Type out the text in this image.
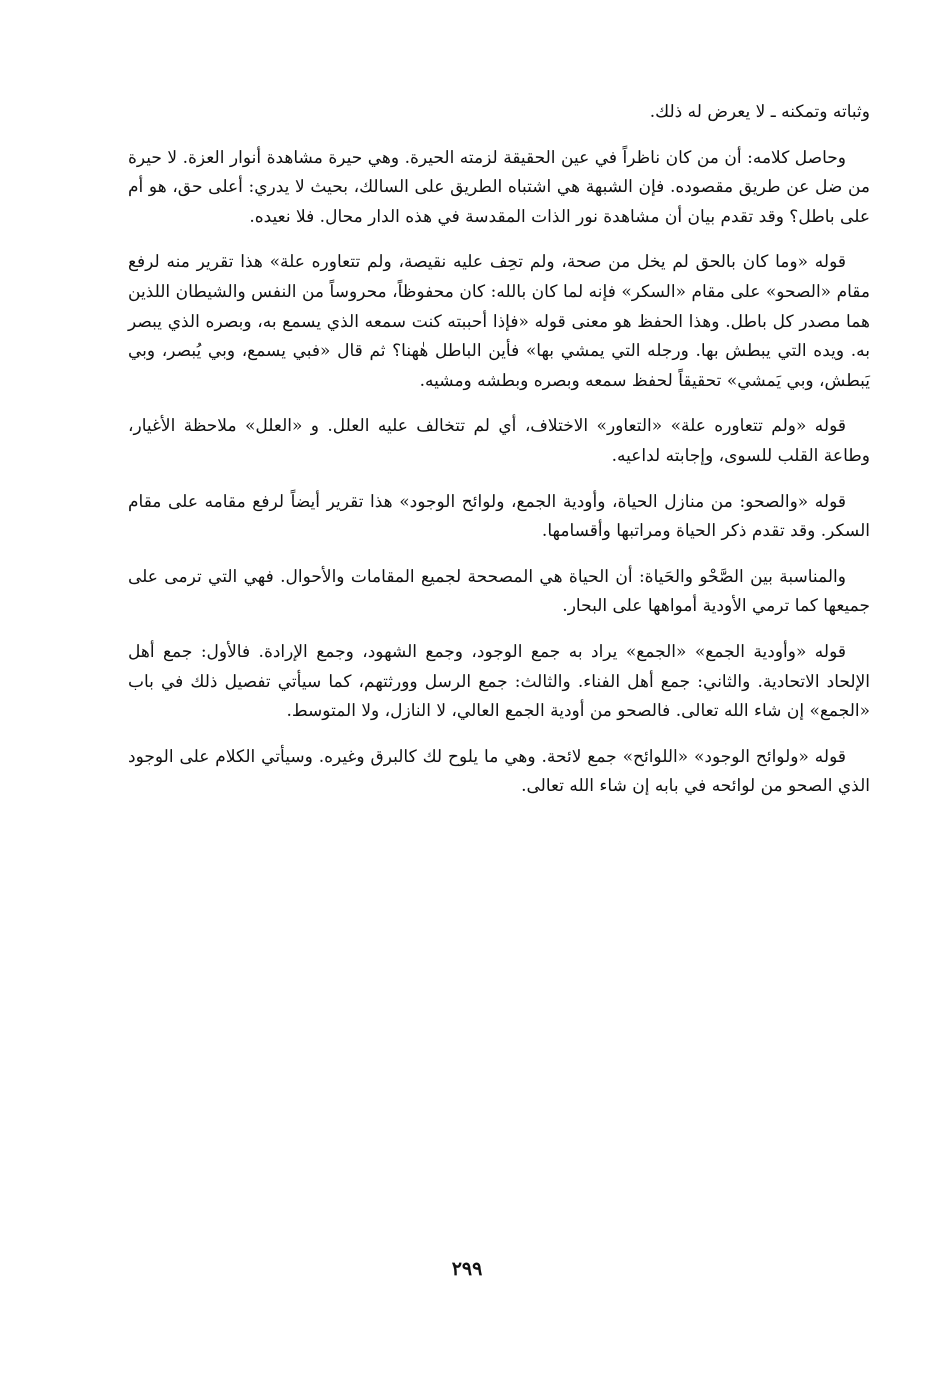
وثباته وتمكنه ـ لا يعرض له ذلك.

وحاصل كلامه: أن من كان ناظراً في عين الحقيقة لزمته الحيرة. وهي حيرة مشاهدة أنوار العزة. لا حيرة من ضل عن طريق مقصوده. فإن الشبهة هي اشتباه الطريق على السالك، بحيث لا يدري: أعلى حق، هو أم على باطل؟ وقد تقدم بيان أن مشاهدة نور الذات المقدسة في هذه الدار محال. فلا نعيده.

قوله «وما كان بالحق لم يخل من صحة، ولم تحِف عليه نقيصة، ولم تتعاوره علة» هذا تقرير منه لرفع مقام «الصحو» على مقام «السكر» فإنه لما كان بالله: كان محفوظاً، محروساً من النفس والشيطان اللذين هما مصدر كل باطل. وهذا الحفظ هو معنى قوله «فإذا أحببته كنت سمعه الذي يسمع به، وبصره الذي يبصر به. ويده التي يبطش بها. ورجله التي يمشي بها» فأين الباطل هٰهنا؟ ثم قال «فبي يسمع، وبي يُبصر، وبي يَبطش، وبي يَمشي» تحقيقاً لحفظ سمعه وبصره وبطشه ومشيه.

قوله «ولم تتعاوره علة» «التعاور» الاختلاف، أي لم تتخالف عليه العلل. و «العلل» ملاحظة الأغيار، وطاعة القلب للسوى، وإجابته لداعيه.

قوله «والصحو: من منازل الحياة، وأودية الجمع، ولوائح الوجود» هذا تقرير أيضاً لرفع مقامه على مقام السكر. وقد تقدم ذكر الحياة ومراتبها وأقسامها.

والمناسبة بين الصَّحْو والحَياة: أن الحياة هي المصححة لجميع المقامات والأحوال. فهي التي ترمى على جميعها كما ترمي الأودية أمواهها على البحار.

قوله «وأودية الجمع» «الجمع» يراد به جمع الوجود، وجمع الشهود، وجمع الإرادة. فالأول: جمع أهل الإلحاد الاتحادية. والثاني: جمع أهل الفناء. والثالث: جمع الرسل وورثتهم، كما سيأتي تفصيل ذلك في باب «الجمع» إن شاء الله تعالى. فالصحو من أودية الجمع العالي، لا النازل، ولا المتوسط.

قوله «ولوائح الوجود» «اللوائح» جمع لائحة. وهي ما يلوح لك كالبرق وغيره. وسيأتي الكلام على الوجود الذي الصحو من لوائحه في بابه إن شاء الله تعالى.

٢٩٩
